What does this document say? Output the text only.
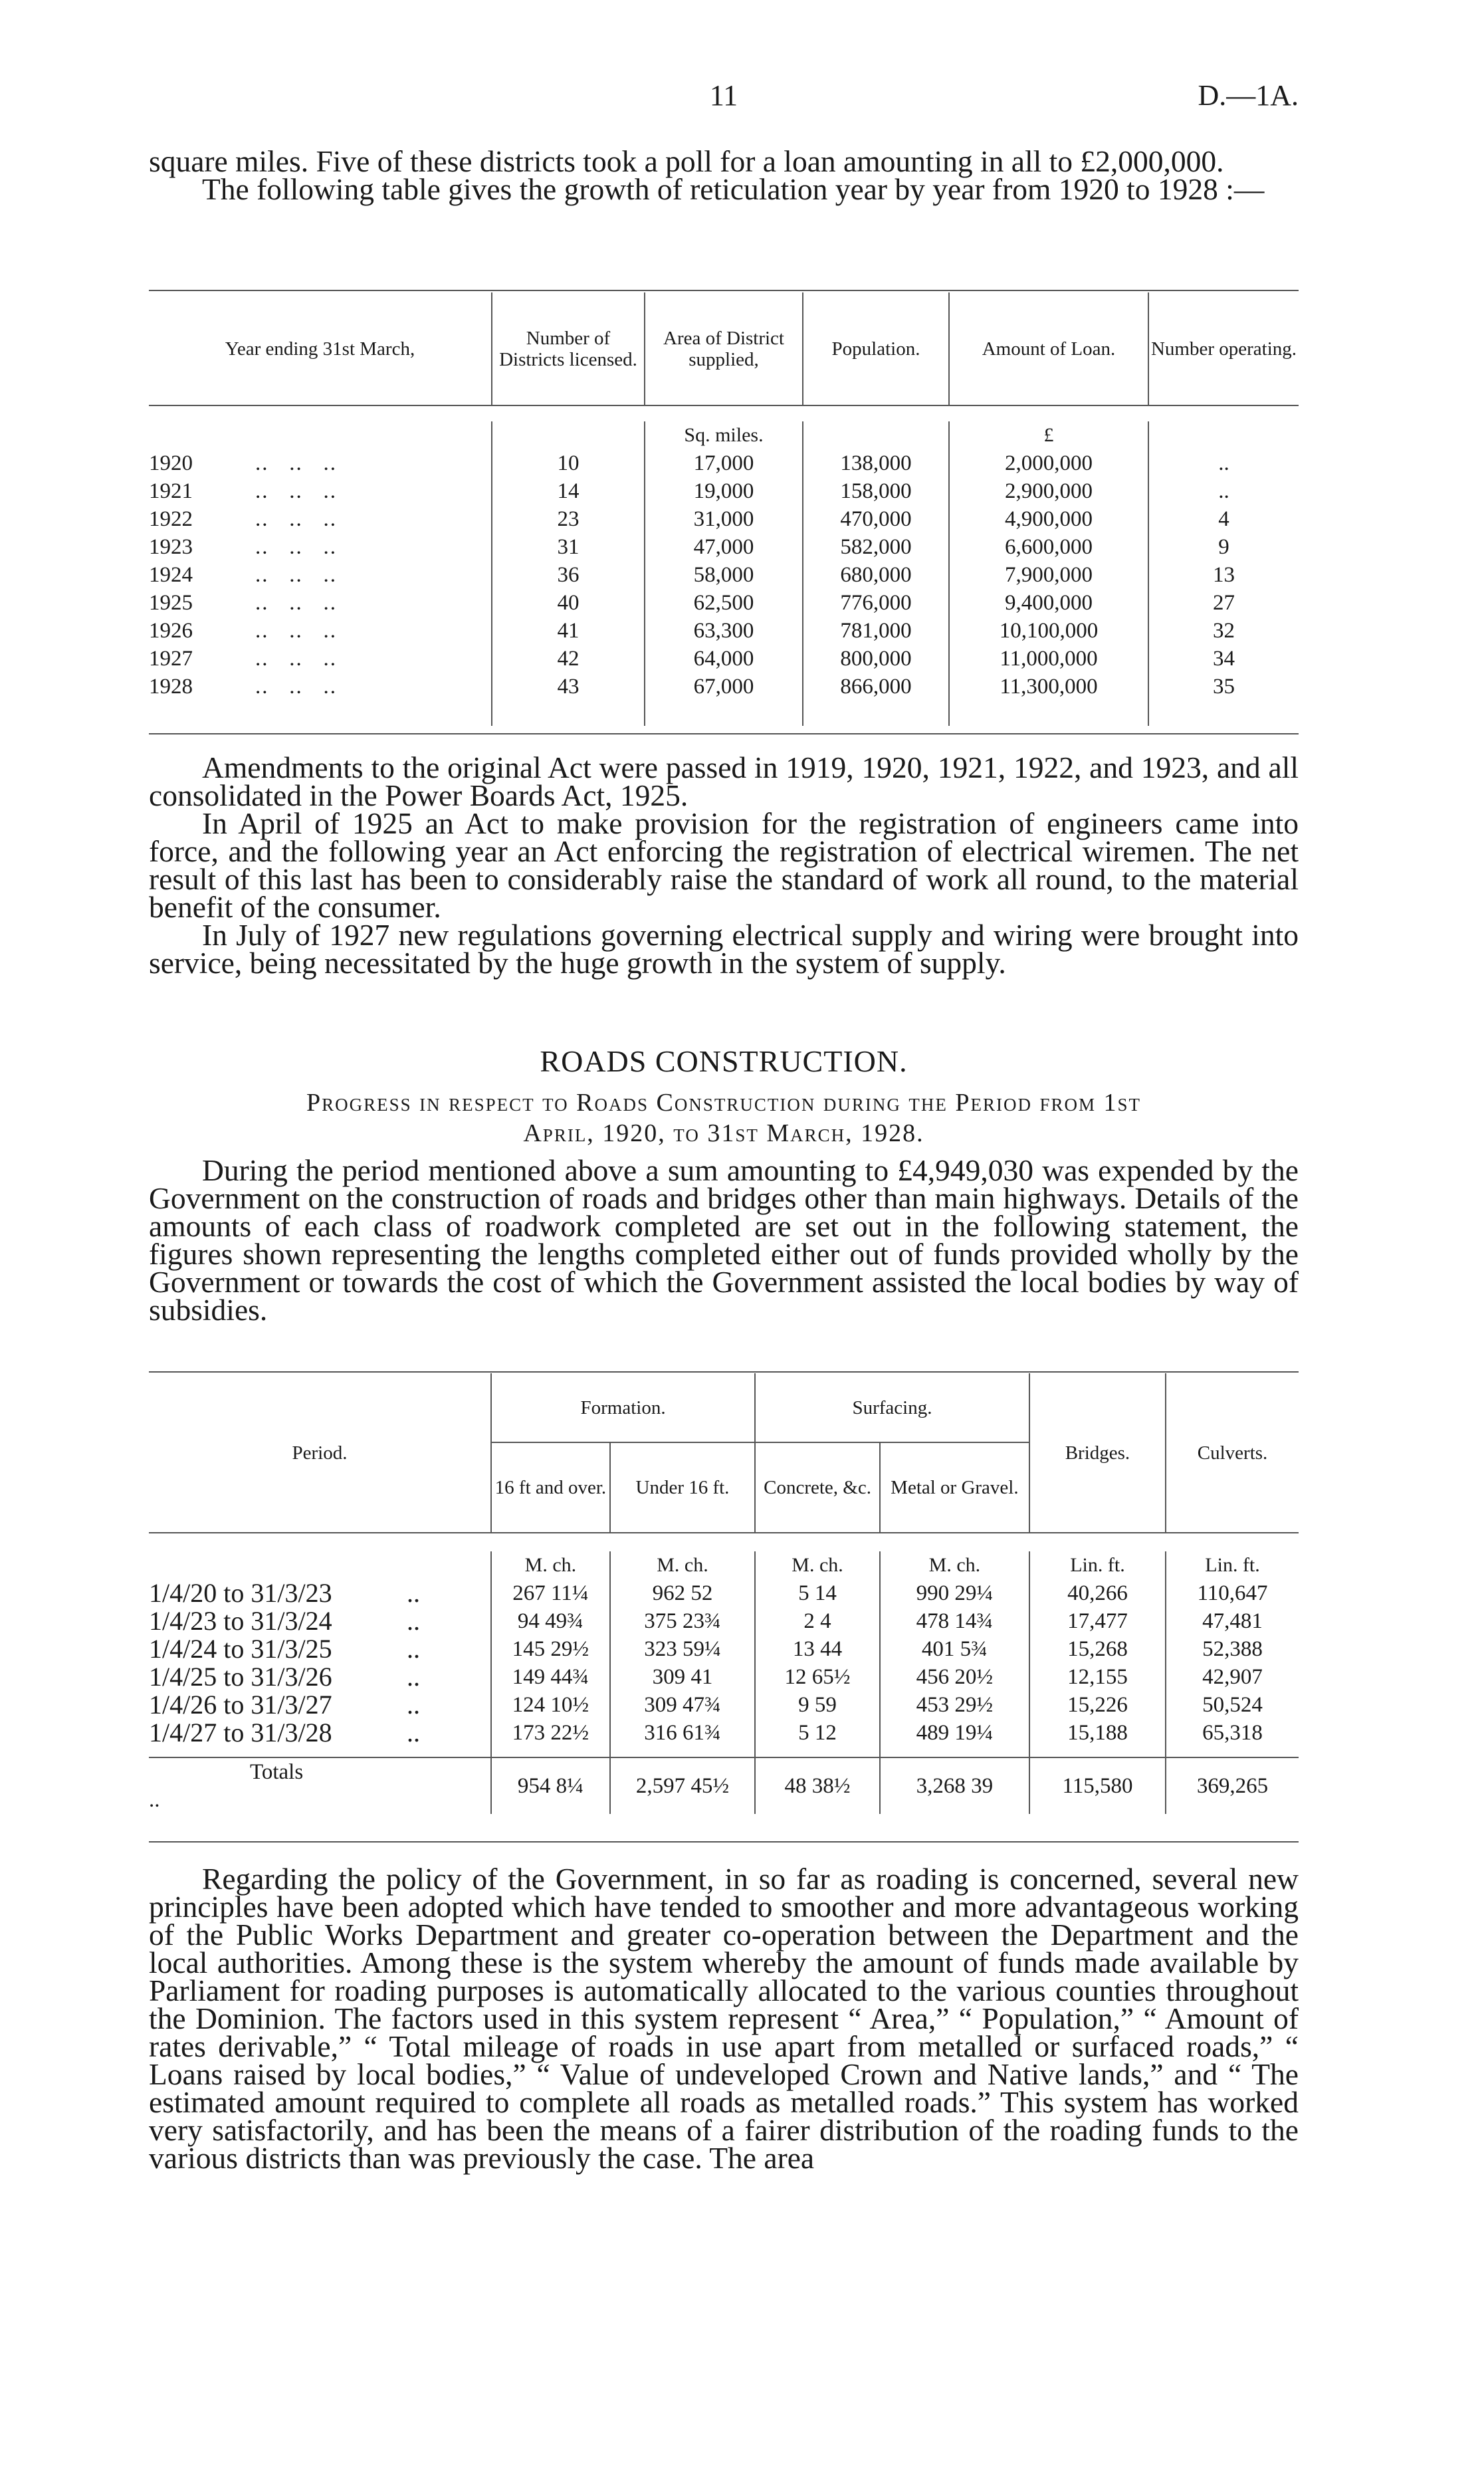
11	D.—1A.

square miles. Five of these districts took a poll for a loan amounting in all to £2,000,000.

The following table gives the growth of reticulation year by year from 1920 to 1928 :—

Year ending 31st March,	Number of Districts licensed.	Area of District supplied,	Population.	Amount of Loan.	Number operating.

		Sq. miles.		£	
1920 ..   ..   ..	10	17,000	138,000	2,000,000	..
1921 ..   ..   ..	14	19,000	158,000	2,900,000	..
1922 ..   ..   ..	23	31,000	470,000	4,900,000	4
1923 ..   ..   ..	31	47,000	582,000	6,600,000	9
1924 ..   ..   ..	36	58,000	680,000	7,900,000	13
1925 ..   ..   ..	40	62,500	776,000	9,400,000	27
1926 ..   ..   ..	41	63,300	781,000	10,100,000	32
1927 ..   ..   ..	42	64,000	800,000	11,000,000	34
1928 ..   ..   ..	43	67,000	866,000	11,300,000	35

Amendments to the original Act were passed in 1919, 1920, 1921, 1922, and 1923, and all consolidated in the Power Boards Act, 1925.

In April of 1925 an Act to make provision for the registration of engineers came into force, and the following year an Act enforcing the registration of electrical wiremen. The net result of this last has been to considerably raise the standard of work all round, to the material benefit of the consumer.

In July of 1927 new regulations governing electrical supply and wiring were brought into service, being necessitated by the huge growth in the system of supply.

ROADS CONSTRUCTION.
Progress in respect to Roads Construction during the Period from 1st
April, 1920, to 31st March, 1928.

During the period mentioned above a sum amounting to £4,949,030 was expended by the Government on the construction of roads and bridges other than main highways. Details of the amounts of each class of roadwork completed are set out in the following statement, the figures shown representing the lengths completed either out of funds provided wholly by the Government or towards the cost of which the Government assisted the local bodies by way of subsidies.

Period.	Formation.		Surfacing.		Bridges.	Culverts.
	16 ft and over.	Under 16 ft.	Concrete, &c.	Metal or Gravel.		

	M. ch.	M. ch.	M. ch.	M. ch.	Lin. ft.	Lin. ft.
1/4/20 to 31/3/23 ..	267 11¼	962 52	5 14	990 29¼	40,266	110,647
1/4/23 to 31/3/24 ..	94 49¾	375 23¾	2 4	478 14¾	17,477	47,481
1/4/24 to 31/3/25 ..	145 29½	323 59¼	13 44	401 5¾	15,268	52,388
1/4/25 to 31/3/26 ..	149 44¾	309 41	12 65½	456 20½	12,155	42,907
1/4/26 to 31/3/27 ..	124 10½	309 47¾	9 59	453 29½	15,226	50,524
1/4/27 to 31/3/28 ..	173 22½	316 61¾	5 12	489 19¼	15,188	65,318

Totals..	954 8¼	2,597 45½	48 38½	3,268 39	115,580	369,265

Regarding the policy of the Government, in so far as roading is concerned, several new principles have been adopted which have tended to smoother and more advantageous working of the Public Works Department and greater co-operation between the Department and the local authorities. Among these is the system whereby the amount of funds made available by Parliament for roading purposes is automatically allocated to the various counties throughout the Dominion. The factors used in this system represent “ Area,” “ Population,” “ Amount of rates derivable,” “ Total mileage of roads in use apart from metalled or surfaced roads,” “ Loans raised by local bodies,” “ Value of undeveloped Crown and Native lands,” and “ The estimated amount required to complete all roads as metalled roads.” This system has worked very satisfactorily, and has been the means of a fairer distribution of the roading funds to the various districts than was previously the case. The area
